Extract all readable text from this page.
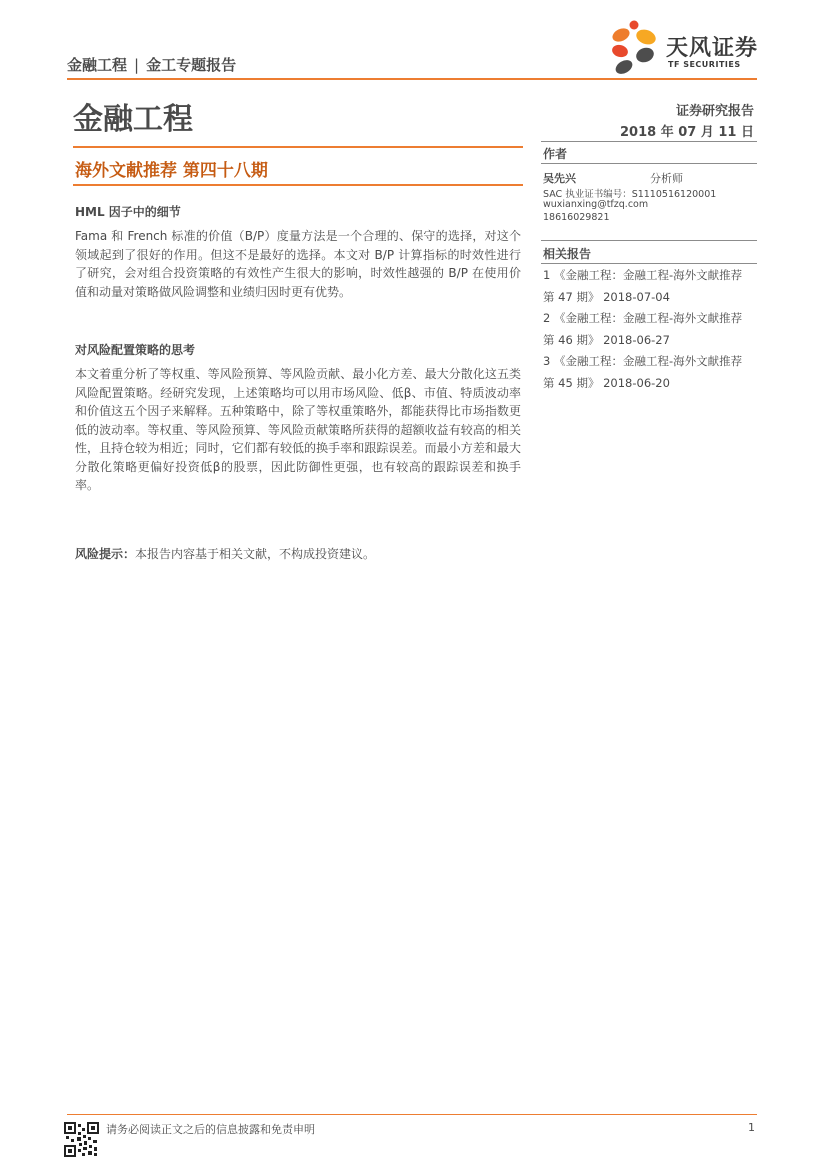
金融工程 | 金工专题报告
天风证券
TF SECURITIES
金融工程	证券研究报告
2018 年 07 月 11 日
海外文献推荐 第四十八期
HML 因子中的细节
Fama 和 French 标准的价值（B/P）度量方法是一个合理的、保守的选择，对这个领域起到了很好的作用。但这不是最好的选择。本文对 B/P 计算指标的时效性进行了研究，会对组合投资策略的有效性产生很大的影响，时效性越强的 B/P 在使用价值和动量对策略做风险调整和业绩归因时更有优势。
对风险配置策略的思考
本文着重分析了等权重、等风险预算、等风险贡献、最小化方差、最大分散化这五类风险配置策略。经研究发现，上述策略均可以用市场风险、低β、市值、特质波动率和价值这五个因子来解释。五种策略中，除了等权重策略外，都能获得比市场指数更低的波动率。等权重、等风险预算、等风险贡献策略所获得的超额收益有较高的相关性，且持仓较为相近；同时，它们都有较低的换手率和跟踪误差。而最小方差和最大分散化策略更偏好投资低β的股票，因此防御性更强，也有较高的跟踪误差和换手率。
风险提示：本报告内容基于相关文献，不构成投资建议。
作者
吴先兴	分析师
SAC 执业证书编号：S1110516120001
wuxianxing@tfzq.com
18616029821
相关报告
1 《金融工程：金融工程-海外文献推荐 第 47 期》 2018-07-04
2 《金融工程：金融工程-海外文献推荐 第 46 期》 2018-06-27
3 《金融工程：金融工程-海外文献推荐 第 45 期》 2018-06-20
请务必阅读正文之后的信息披露和免责申明	1
